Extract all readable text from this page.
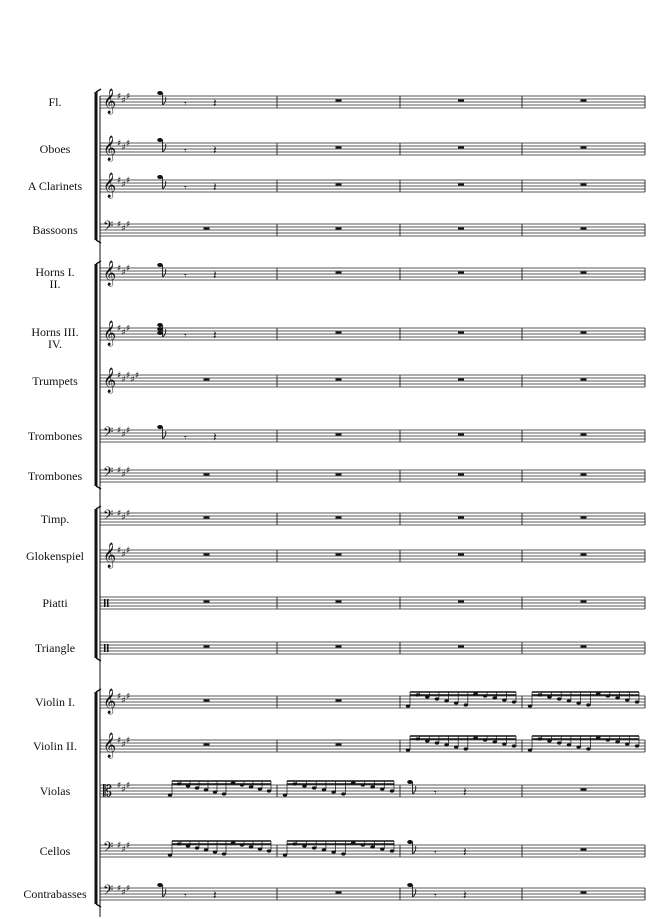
Fl.
Oboes
A Clarinets
Bassoons
Horns I. II.
Horns III. IV.
Trumpets
Trombones
Trombones
Timp.
Glokenspiel
Piatti
Triangle
Violin I.
Violin II.
Violas
Cellos
Contrabasses
𝄞 ♯ ♯ ♯
𝄾 𝄽
𝄞 ♯ ♯ ♯
𝄾 𝄽
𝄞 ♯ ♯ ♯
𝄾 𝄽
𝄢 ♯ ♯ ♯
𝄞 ♯ ♯ ♯
𝄾 𝄽
𝄞 ♯ ♯ ♯
𝄾 𝄽
𝄞 ♯ ♯ ♯ ♯ ♯
𝄢 ♯ ♯ ♯
𝄾 𝄽
𝄢 ♯ ♯ ♯
𝄢 ♯ ♯ ♯
𝄞 ♯ ♯ ♯
𝄞 ♯ ♯ ♯
𝄞 ♯ ♯ ♯
𝄡 ♯ ♯ ♯
𝄾 𝄽
𝄢 ♯ ♯ ♯
𝄾 𝄽
𝄢 ♯ ♯ ♯
𝄾 𝄽	𝄾 𝄽
